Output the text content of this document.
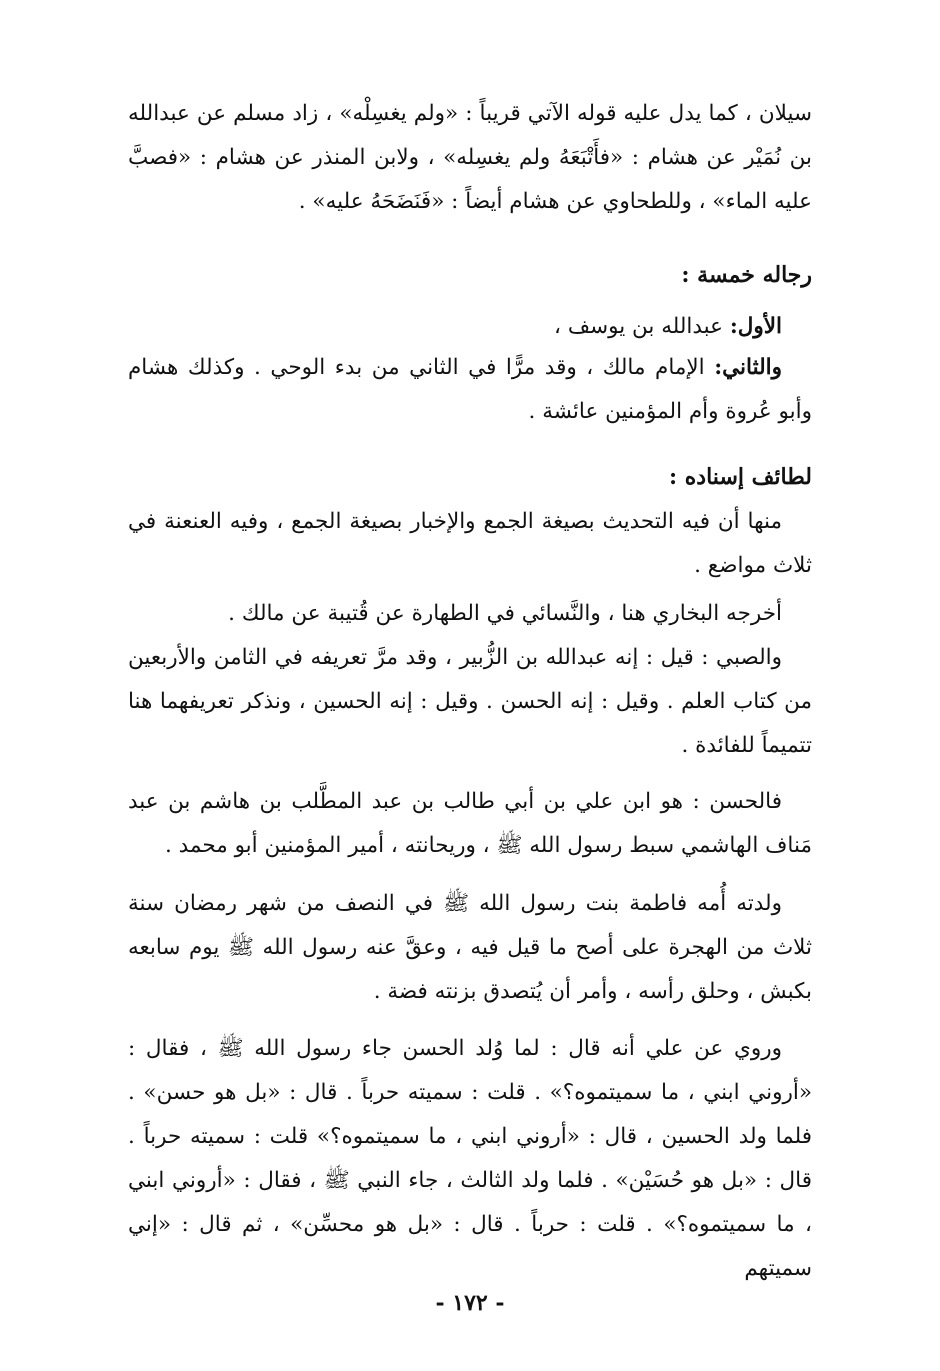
سيلان ، كما يدل عليه قوله الآتي قريباً : «ولم يغسِلْه» ، زاد مسلم عن عبدالله بن نُمَيْر عن هشام : «فأَتْبَعَهُ ولم يغسِله» ، ولابن المنذر عن هشام : «فصبَّ عليه الماء» ، وللطحاوي عن هشام أيضاً : «فَنَضَحَهُ عليه» .
رجاله خمسة :
الأول: عبدالله بن يوسف ،
والثاني: الإمام مالك ، وقد مرًّا في الثاني من بدء الوحي . وكذلك هشام وأبو عُروة وأم المؤمنين عائشة .
لطائف إسناده :
منها أن فيه التحديث بصيغة الجمع والإخبار بصيغة الجمع ، وفيه العنعنة في ثلاث مواضع .
أخرجه البخاري هنا ، والنَّسائي في الطهارة عن قُتيبة عن مالك .
والصبي : قيل : إنه عبدالله بن الزُّبير ، وقد مرَّ تعريفه في الثامن والأربعين من كتاب العلم . وقيل : إنه الحسن . وقيل : إنه الحسين ، ونذكر تعريفهما هنا تتميماً للفائدة .
فالحسن : هو ابن علي بن أبي طالب بن عبد المطَّلب بن هاشم بن عبد مَناف الهاشمي سبط رسول الله ﷺ ، وريحانته ، أمير المؤمنين أبو محمد .
ولدته أُمه فاطمة بنت رسول الله ﷺ في النصف من شهر رمضان سنة ثلاث من الهجرة على أصح ما قيل فيه ، وعقَّ عنه رسول الله ﷺ يوم سابعه بكبش ، وحلق رأسه ، وأمر أن يُتصدق بزنته فضة .
وروي عن علي أنه قال : لما وُلد الحسن جاء رسول الله ﷺ ، فقال : «أروني ابني ، ما سميتموه؟» . قلت : سميته حرباً . قال : «بل هو حسن» . فلما ولد الحسين ، قال : «أروني ابني ، ما سميتموه؟» قلت : سميته حرباً . قال : «بل هو حُسَيْن» . فلما ولد الثالث ، جاء النبي ﷺ ، فقال : «أروني ابني ، ما سميتموه؟» . قلت : حرباً . قال : «بل هو محسِّن» ، ثم قال : «إني سميتهم
- ١٧٢ -
